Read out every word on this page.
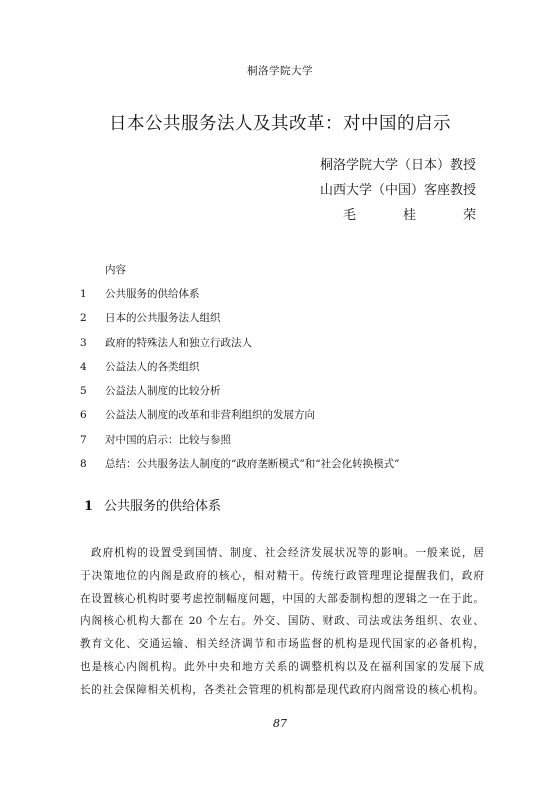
桐洛学院大学
日本公共服务法人及其改革：对中国的启示
桐洛学院大学（日本）教授
山西大学（中国）客座教授
毛　桂　荣
内容
1	公共服务的供给体系
2	日本的公共服务法人组织
3	政府的特殊法人和独立行政法人
4	公益法人的各类组织
5	公益法人制度的比较分析
6	公益法人制度的改革和非营利组织的发展方向
7	对中国的启示：比较与参照
8	总结：公共服务法人制度的“政府垄断模式”和“社会化转换模式”
1 公共服务的供给体系
政府机构的设置受到国情、制度、社会经济发展状况等的影响。一般来说，居
于决策地位的内阁是政府的核心，相对精干。传统行政管理理论提醒我们，政府
在设置核心机构时要考虑控制幅度问题，中国的大部委制构想的逻辑之一在于此。
内阁核心机构大都在 20 个左右。外交、国防、财政、司法或法务组织、农业、
教育文化、交通运输、相关经济调节和市场监督的机构是现代国家的必备机构，
也是核心内阁机构。此外中央和地方关系的调整机构以及在福利国家的发展下成
长的社会保障相关机构，各类社会管理的机构都是现代政府内阁常设的核心机构。
87
